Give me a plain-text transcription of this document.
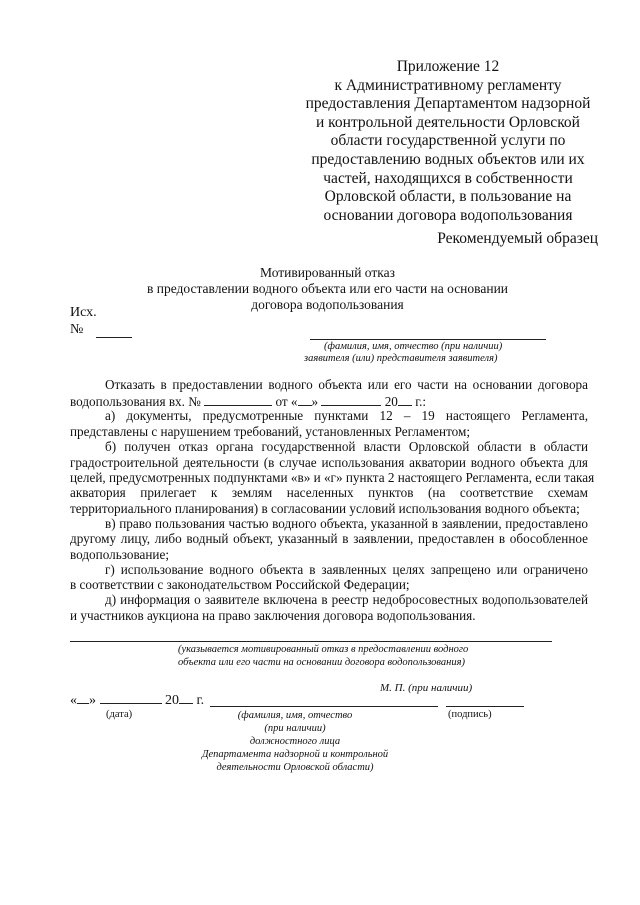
Приложение 12
к Административному регламенту
предоставления Департаментом надзорной
и контрольной деятельности Орловской
области государственной услуги по
предоставлению водных объектов или их
частей, находящихся в собственности
Орловской области, в пользование на
основании договора водопользования
Рекомендуемый образец
Мотивированный отказ
в предоставлении водного объекта или его части на основании
договора водопользования
Исх.
№
(фамилия, имя, отчество (при наличии)
заявителя (или) представителя заявителя)
Отказать в предоставлении водного объекта или его части на основании договора
водопользования вх. №	от « »	20 г.:
а) документы, предусмотренные пунктами 12 – 19 настоящего Регламента,
представлены с нарушением требований, установленных Регламентом;
б) получен отказ органа государственной власти Орловской области в области
градостроительной деятельности (в случае использования акватории водного объекта для
целей, предусмотренных подпунктами «в» и «г» пункта 2 настоящего Регламента, если такая
акватория прилегает к землям населенных пунктов (на соответствие схемам
территориального планирования) в согласовании условий использования водного объекта;
в) право пользования частью водного объекта, указанной в заявлении, предоставлено
другому лицу, либо водный объект, указанный в заявлении, предоставлен в обособленное
водопользование;
г) использование водного объекта в заявленных целях запрещено или ограничено
в соответствии с законодательством Российской Федерации;
д) информация о заявителе включена в реестр недобросовестных водопользователей
и участников аукциона на право заключения договора водопользования.
(указывается мотивированный отказ в предоставлении водного
объекта или его части на основании договора водопользования)
М. П. (при наличии)
« »	20 г.
(дата)	(подпись)
(фамилия, имя, отчество
(при наличии)
должностного лица
Департамента надзорной и контрольной
деятельности Орловской области)
